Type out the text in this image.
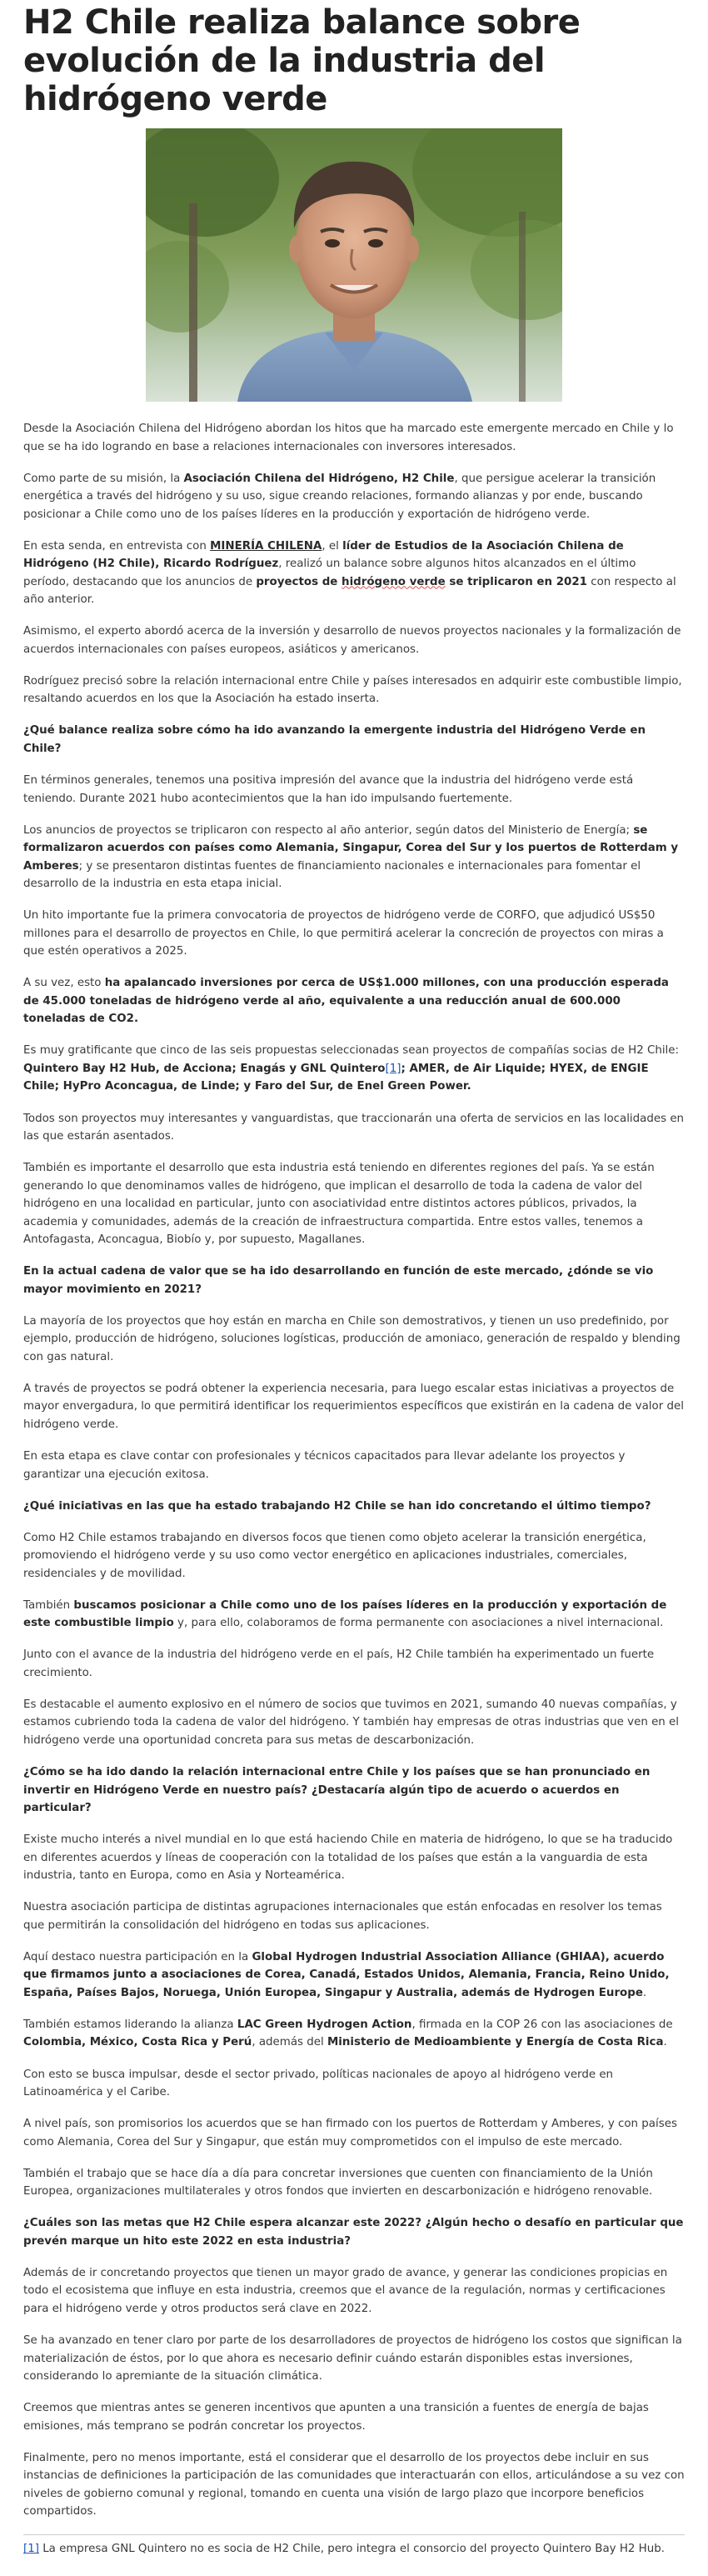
H2 Chile realiza balance sobre evolución de la industria del hidrógeno verde

Desde la Asociación Chilena del Hidrógeno abordan los hitos que ha marcado este emergente mercado en Chile y lo que se ha ido logrando en base a relaciones internacionales con inversores interesados.

Como parte de su misión, la Asociación Chilena del Hidrógeno, H2 Chile, que persigue acelerar la transición energética a través del hidrógeno y su uso, sigue creando relaciones, formando alianzas y por ende, buscando posicionar a Chile como uno de los países líderes en la producción y exportación de hidrógeno verde.

En esta senda, en entrevista con MINERÍA CHILENA, el líder de Estudios de la Asociación Chilena de Hidrógeno (H2 Chile), Ricardo Rodríguez, realizó un balance sobre algunos hitos alcanzados en el último período, destacando que los anuncios de proyectos de hidrógeno verde se triplicaron en 2021 con respecto al año anterior.

Asimismo, el experto abordó acerca de la inversión y desarrollo de nuevos proyectos nacionales y la formalización de acuerdos internacionales con países europeos, asiáticos y americanos.

Rodríguez precisó sobre la relación internacional entre Chile y países interesados en adquirir este combustible limpio, resaltando acuerdos en los que la Asociación ha estado inserta.

¿Qué balance realiza sobre cómo ha ido avanzando la emergente industria del Hidrógeno Verde en Chile?

En términos generales, tenemos una positiva impresión del avance que la industria del hidrógeno verde está teniendo. Durante 2021 hubo acontecimientos que la han ido impulsando fuertemente.

Los anuncios de proyectos se triplicaron con respecto al año anterior, según datos del Ministerio de Energía; se formalizaron acuerdos con países como Alemania, Singapur, Corea del Sur y los puertos de Rotterdam y Amberes; y se presentaron distintas fuentes de financiamiento nacionales e internacionales para fomentar el desarrollo de la industria en esta etapa inicial.

Un hito importante fue la primera convocatoria de proyectos de hidrógeno verde de CORFO, que adjudicó US$50 millones para el desarrollo de proyectos en Chile, lo que permitirá acelerar la concreción de proyectos con miras a que estén operativos a 2025.

A su vez, esto ha apalancado inversiones por cerca de US$1.000 millones, con una producción esperada de 45.000 toneladas de hidrógeno verde al año, equivalente a una reducción anual de 600.000 toneladas de CO2.

Es muy gratificante que cinco de las seis propuestas seleccionadas sean proyectos de compañías socias de H2 Chile: Quintero Bay H2 Hub, de Acciona; Enagás y GNL Quintero[1]; AMER, de Air Liquide; HYEX, de ENGIE Chile; HyPro Aconcagua, de Linde; y Faro del Sur, de Enel Green Power.

Todos son proyectos muy interesantes y vanguardistas, que traccionarán una oferta de servicios en las localidades en las que estarán asentados.

También es importante el desarrollo que esta industria está teniendo en diferentes regiones del país. Ya se están generando lo que denominamos valles de hidrógeno, que implican el desarrollo de toda la cadena de valor del hidrógeno en una localidad en particular, junto con asociatividad entre distintos actores públicos, privados, la academia y comunidades, además de la creación de infraestructura compartida. Entre estos valles, tenemos a Antofagasta, Aconcagua, Biobío y, por supuesto, Magallanes.

En la actual cadena de valor que se ha ido desarrollando en función de este mercado, ¿dónde se vio mayor movimiento en 2021?

La mayoría de los proyectos que hoy están en marcha en Chile son demostrativos, y tienen un uso predefinido, por ejemplo, producción de hidrógeno, soluciones logísticas, producción de amoniaco, generación de respaldo y blending con gas natural.

A través de proyectos se podrá obtener la experiencia necesaria, para luego escalar estas iniciativas a proyectos de mayor envergadura, lo que permitirá identificar los requerimientos específicos que existirán en la cadena de valor del hidrógeno verde.

En esta etapa es clave contar con profesionales y técnicos capacitados para llevar adelante los proyectos y garantizar una ejecución exitosa.

¿Qué iniciativas en las que ha estado trabajando H2 Chile se han ido concretando el último tiempo?

Como H2 Chile estamos trabajando en diversos focos que tienen como objeto acelerar la transición energética, promoviendo el hidrógeno verde y su uso como vector energético en aplicaciones industriales, comerciales, residenciales y de movilidad.

También buscamos posicionar a Chile como uno de los países líderes en la producción y exportación de este combustible limpio y, para ello, colaboramos de forma permanente con asociaciones a nivel internacional.

Junto con el avance de la industria del hidrógeno verde en el país, H2 Chile también ha experimentado un fuerte crecimiento.

Es destacable el aumento explosivo en el número de socios que tuvimos en 2021, sumando 40 nuevas compañías, y estamos cubriendo toda la cadena de valor del hidrógeno. Y también hay empresas de otras industrias que ven en el hidrógeno verde una oportunidad concreta para sus metas de descarbonización.

¿Cómo se ha ido dando la relación internacional entre Chile y los países que se han pronunciado en invertir en Hidrógeno Verde en nuestro país? ¿Destacaría algún tipo de acuerdo o acuerdos en particular?

Existe mucho interés a nivel mundial en lo que está haciendo Chile en materia de hidrógeno, lo que se ha traducido en diferentes acuerdos y líneas de cooperación con la totalidad de los países que están a la vanguardia de esta industria, tanto en Europa, como en Asia y Norteamérica.

Nuestra asociación participa de distintas agrupaciones internacionales que están enfocadas en resolver los temas que permitirán la consolidación del hidrógeno en todas sus aplicaciones.

Aquí destaco nuestra participación en la Global Hydrogen Industrial Association Alliance (GHIAA), acuerdo que firmamos junto a asociaciones de Corea, Canadá, Estados Unidos, Alemania, Francia, Reino Unido, España, Países Bajos, Noruega, Unión Europea, Singapur y Australia, además de Hydrogen Europe.

También estamos liderando la alianza LAC Green Hydrogen Action, firmada en la COP 26 con las asociaciones de Colombia, México, Costa Rica y Perú, además del Ministerio de Medioambiente y Energía de Costa Rica.

Con esto se busca impulsar, desde el sector privado, políticas nacionales de apoyo al hidrógeno verde en Latinoamérica y el Caribe.

A nivel país, son promisorios los acuerdos que se han firmado con los puertos de Rotterdam y Amberes, y con países como Alemania, Corea del Sur y Singapur, que están muy comprometidos con el impulso de este mercado.

También el trabajo que se hace día a día para concretar inversiones que cuenten con financiamiento de la Unión Europea, organizaciones multilaterales y otros fondos que invierten en descarbonización e hidrógeno renovable.

¿Cuáles son las metas que H2 Chile espera alcanzar este 2022? ¿Algún hecho o desafío en particular que prevén marque un hito este 2022 en esta industria?

Además de ir concretando proyectos que tienen un mayor grado de avance, y generar las condiciones propicias en todo el ecosistema que influye en esta industria, creemos que el avance de la regulación, normas y certificaciones para el hidrógeno verde y otros productos será clave en 2022.

Se ha avanzado en tener claro por parte de los desarrolladores de proyectos de hidrógeno los costos que significan la materialización de éstos, por lo que ahora es necesario definir cuándo estarán disponibles estas inversiones, considerando lo apremiante de la situación climática.

Creemos que mientras antes se generen incentivos que apunten a una transición a fuentes de energía de bajas emisiones, más temprano se podrán concretar los proyectos.

Finalmente, pero no menos importante, está el considerar que el desarrollo de los proyectos debe incluir en sus instancias de definiciones la participación de las comunidades que interactuarán con ellos, articulándose a su vez con niveles de gobierno comunal y regional, tomando en cuenta una visión de largo plazo que incorpore beneficios compartidos.

[1] La empresa GNL Quintero no es socia de H2 Chile, pero integra el consorcio del proyecto Quintero Bay H2 Hub.
